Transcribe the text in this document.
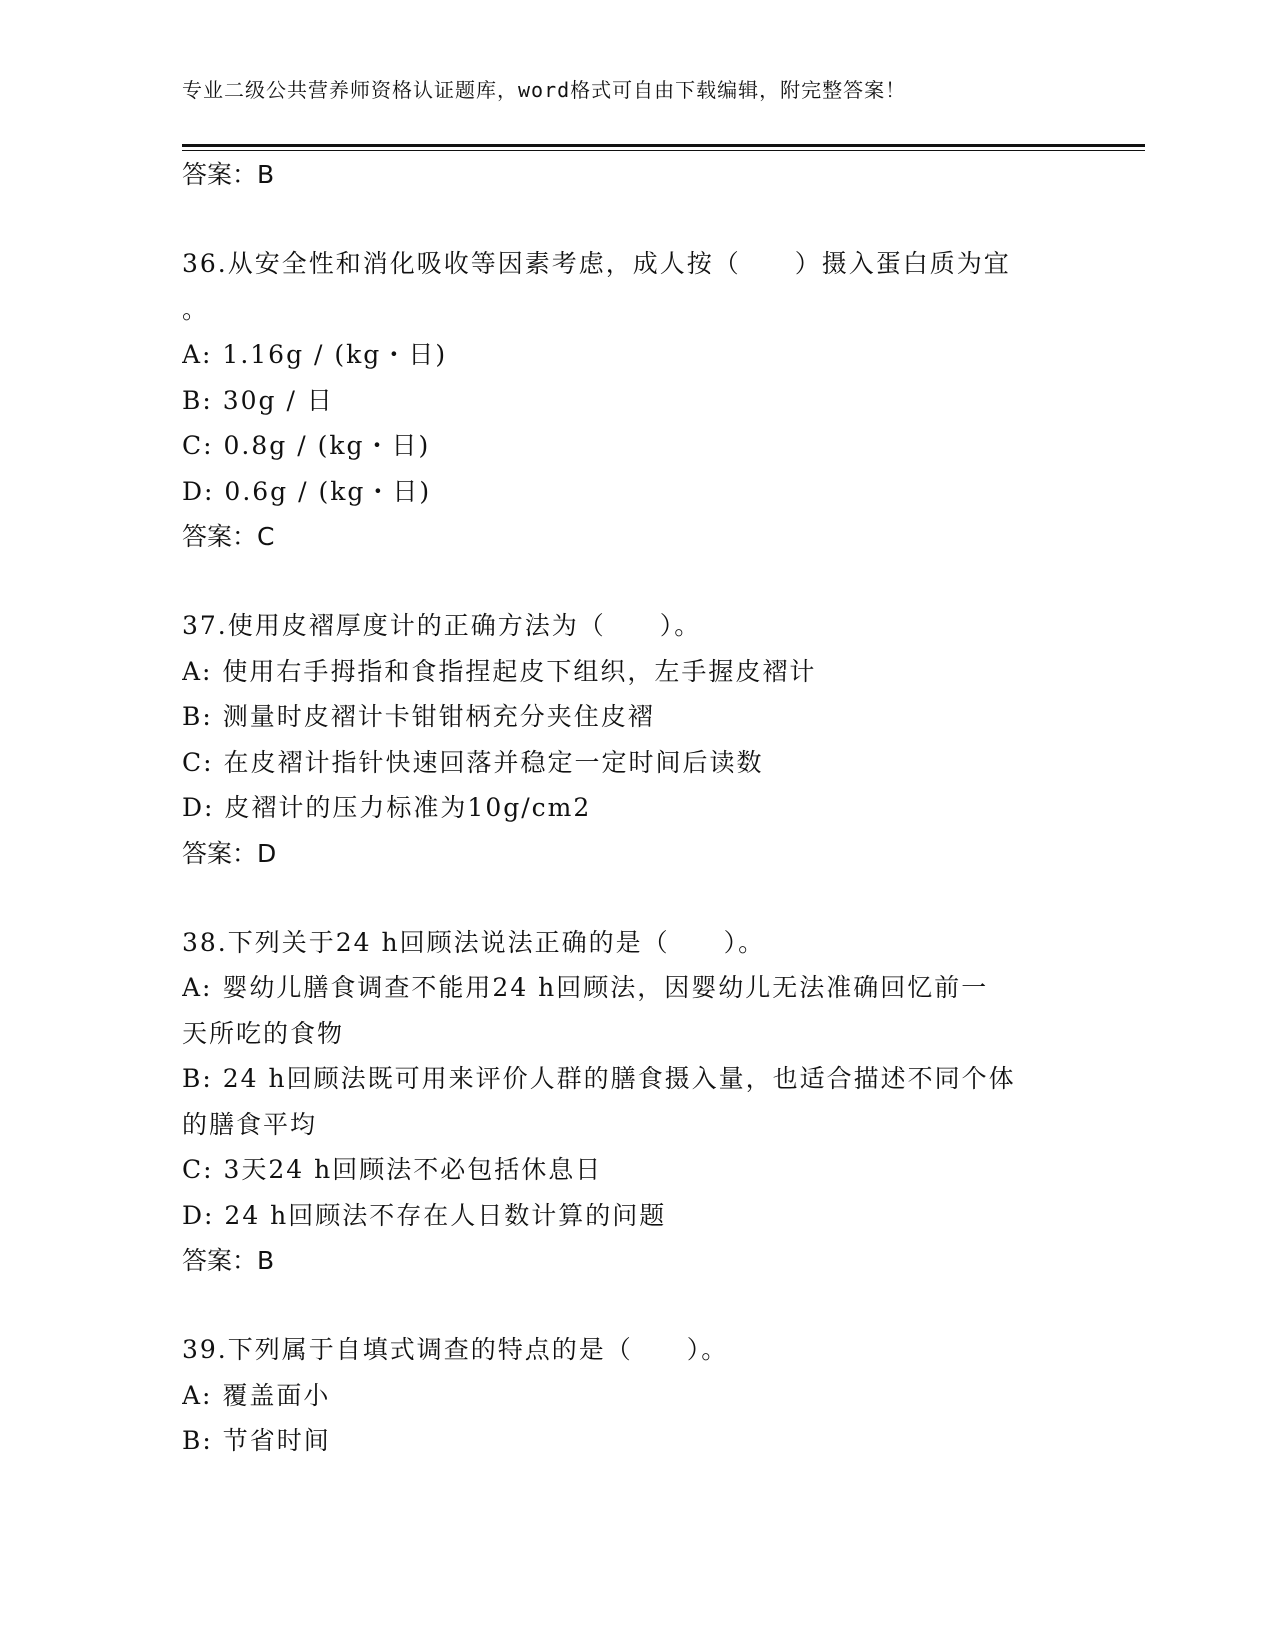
专业二级公共营养师资格认证题库，word格式可自由下载编辑，附完整答案！
答案：B
36.从安全性和消化吸收等因素考虑，成人按（　　）摄入蛋白质为宜
。
A: 1.16g / (kg・日)
B: 30g / 日
C: 0.8g / (kg・日)
D: 0.6g / (kg・日)
答案：C
37.使用皮褶厚度计的正确方法为（　　）。
A: 使用右手拇指和食指捏起皮下组织，左手握皮褶计
B: 测量时皮褶计卡钳钳柄充分夹住皮褶
C: 在皮褶计指针快速回落并稳定一定时间后读数
D: 皮褶计的压力标准为10g/cm2
答案：D
38.下列关于24 h回顾法说法正确的是（　　）。
A: 婴幼儿膳食调查不能用24 h回顾法，因婴幼儿无法准确回忆前一
天所吃的食物
B: 24 h回顾法既可用来评价人群的膳食摄入量，也适合描述不同个体
的膳食平均
C: 3天24 h回顾法不必包括休息日
D: 24 h回顾法不存在人日数计算的问题
答案：B
39.下列属于自填式调查的特点的是（　　）。
A: 覆盖面小
B: 节省时间
